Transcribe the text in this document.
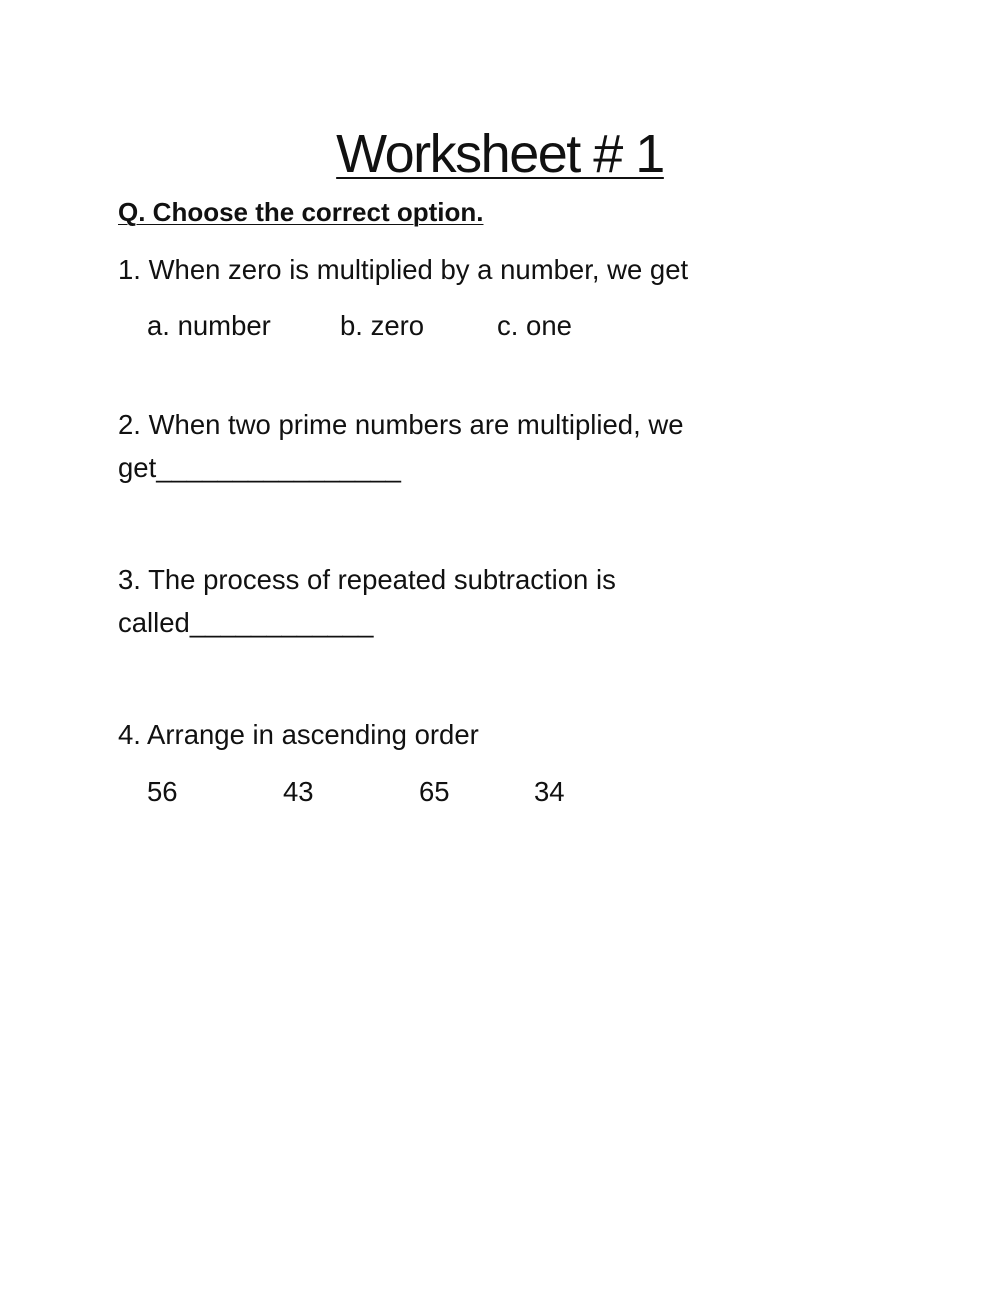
Worksheet # 1
Q. Choose the correct option.
1. When zero is multiplied by a number, we get
a. number	b. zero	c. one
2. When two prime numbers are multiplied, we get________________
3. The process of repeated subtraction is called____________
4. Arrange in ascending order
56	43	65	34
